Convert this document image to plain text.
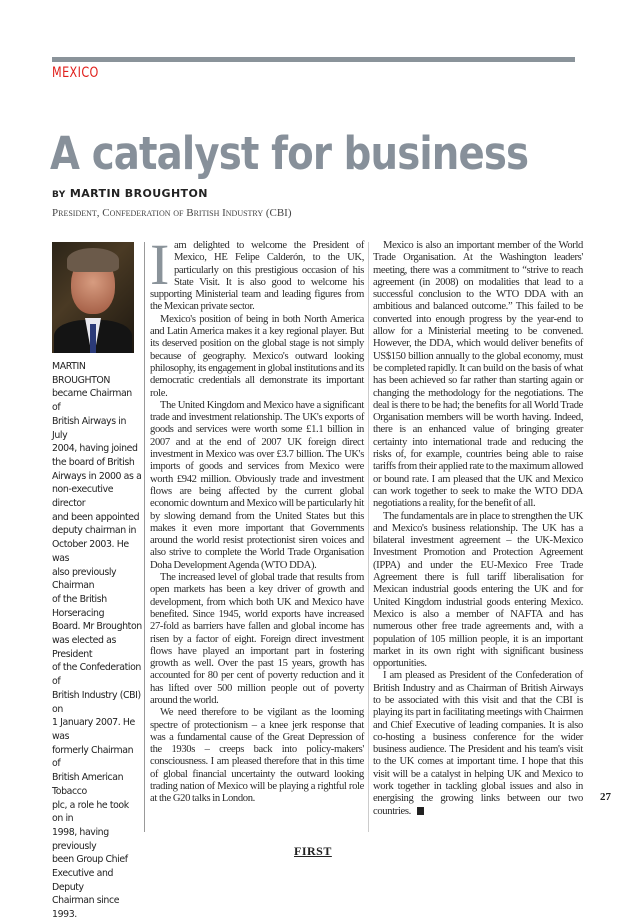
MEXICO
A catalyst for business
BY MARTIN BROUGHTON
President, Confederation of British Industry (CBI)
MARTIN BROUGHTON
became Chairman of
British Airways in July
2004, having joined
the board of British
Airways in 2000 as a
non-executive director
and been appointed
deputy chairman in
October 2003. He was
also previously Chairman
of the British Horseracing
Board. Mr Broughton
was elected as President
of the Confederation of
British Industry (CBI) on
1 January 2007. He was
formerly Chairman of
British American Tobacco
plc, a role he took on in
1998, having previously
been Group Chief
Executive and Deputy
Chairman since 1993.

Iam delighted to welcome the President of Mexico, HE Felipe Calderón, to the UK, particularly on this prestigious occasion of his State Visit. It is also good to welcome his supporting Ministerial team and leading figures from the Mexican private sector.

Mexico's position of being in both North America and Latin America makes it a key regional player. But its deserved position on the global stage is not simply because of geography. Mexico's outward looking philosophy, its engagement in global institutions and its democratic credentials all demonstrate its important role.

The United Kingdom and Mexico have a significant trade and investment relationship. The UK's exports of goods and services were worth some £1.1 billion in 2007 and at the end of 2007 UK foreign direct investment in Mexico was over £3.7 billion. The UK's imports of goods and services from Mexico were worth £942 million. Obviously trade and investment flows are being affected by the current global economic downturn and Mexico will be particularly hit by slowing demand from the United States but this makes it even more important that Governments around the world resist protectionist siren voices and also strive to complete the World Trade Organisation Doha Development Agenda (WTO DDA).

The increased level of global trade that results from open markets has been a key driver of growth and development, from which both UK and Mexico have benefited. Since 1945, world exports have increased 27-fold as barriers have fallen and global income has risen by a factor of eight. Foreign direct investment flows have played an important part in fostering growth as well. Over the past 15 years, growth has accounted for 80 per cent of poverty reduction and it has lifted over 500 million people out of poverty around the world.

We need therefore to be vigilant as the looming spectre of protectionism – a knee jerk response that was a fundamental cause of the Great Depression of the 1930s – creeps back into policy-makers' consciousness. I am pleased therefore that in this time of global financial uncertainty the outward looking trading nation of Mexico will be playing a rightful role at the G20 talks in London.

Mexico is also an important member of the World Trade Organisation. At the Washington leaders' meeting, there was a commitment to “strive to reach agreement (in 2008) on modalities that lead to a successful conclusion to the WTO DDA with an ambitious and balanced outcome.” This failed to be converted into enough progress by the year-end to allow for a Ministerial meeting to be convened. However, the DDA, which would deliver benefits of US$150 billion annually to the global economy, must be completed rapidly. It can build on the basis of what has been achieved so far rather than starting again or changing the methodology for the negotiations. The deal is there to be had; the benefits for all World Trade Organisation members will be worth having. Indeed, there is an enhanced value of bringing greater certainty into international trade and reducing the risks of, for example, countries being able to raise tariffs from their applied rate to the maximum allowed or bound rate. I am pleased that the UK and Mexico can work together to seek to make the WTO DDA negotiations a reality, for the benefit of all.

The fundamentals are in place to strengthen the UK and Mexico's business relationship. The UK has a bilateral investment agreement – the UK-Mexico Investment Promotion and Protection Agreement (IPPA) and under the EU-Mexico Free Trade Agreement there is full tariff liberalisation for Mexican industrial goods entering the UK and for United Kingdom industrial goods entering Mexico. Mexico is also a member of NAFTA and has numerous other free trade agreements and, with a population of 105 million people, it is an important market in its own right with significant business opportunities.

I am pleased as President of the Confederation of British Industry and as Chairman of British Airways to be associated with this visit and that the CBI is playing its part in facilitating meetings with Chairmen and Chief Executive of leading companies. It is also co-hosting a business conference for the wider business audience. The President and his team's visit to the UK comes at important time. I hope that this visit will be a catalyst in helping UK and Mexico to work together in tackling global issues and also in energising the growing links between our two countries.	F

27
FIRST
